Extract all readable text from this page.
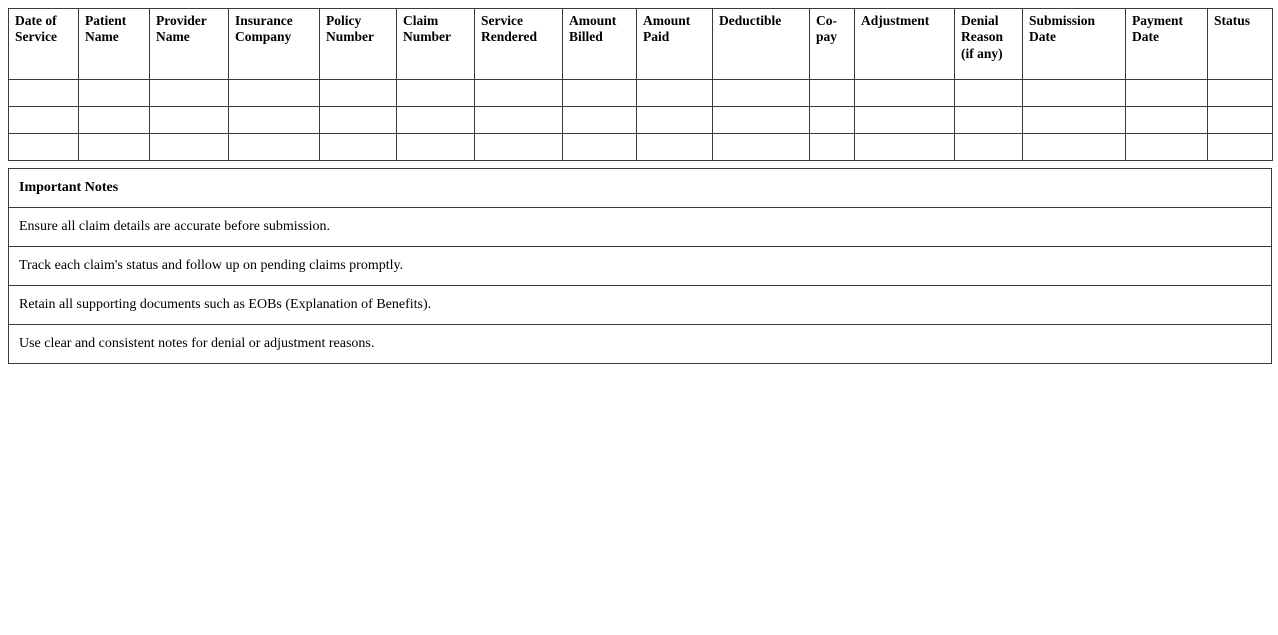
Date of Service	Patient Name	Provider Name	Insurance Company	Policy Number	Claim Number	Service Rendered	Amount Billed	Amount Paid	Deductible	Co-pay	Adjustment	Denial Reason (if any)	Submission Date	Payment Date	Status

Important Notes
Ensure all claim details are accurate before submission.
Track each claim's status and follow up on pending claims promptly.
Retain all supporting documents such as EOBs (Explanation of Benefits).
Use clear and consistent notes for denial or adjustment reasons.
